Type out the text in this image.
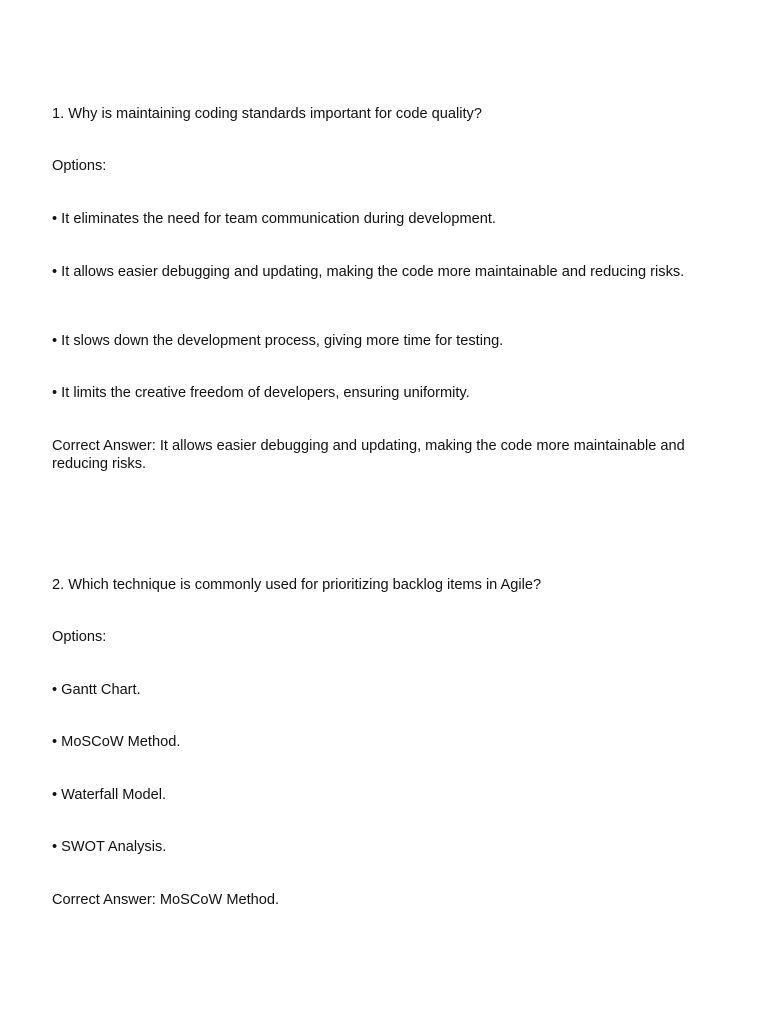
1. Why is maintaining coding standards important for code quality?

Options:

• It eliminates the need for team communication during development.

• It allows easier debugging and updating, making the code more maintainable and reducing risks.

• It slows down the development process, giving more time for testing.

• It limits the creative freedom of developers, ensuring uniformity.

Correct Answer: It allows easier debugging and updating, making the code more maintainable and reducing risks.

2. Which technique is commonly used for prioritizing backlog items in Agile?

Options:

• Gantt Chart.

• MoSCoW Method.

• Waterfall Model.

• SWOT Analysis.

Correct Answer: MoSCoW Method.
